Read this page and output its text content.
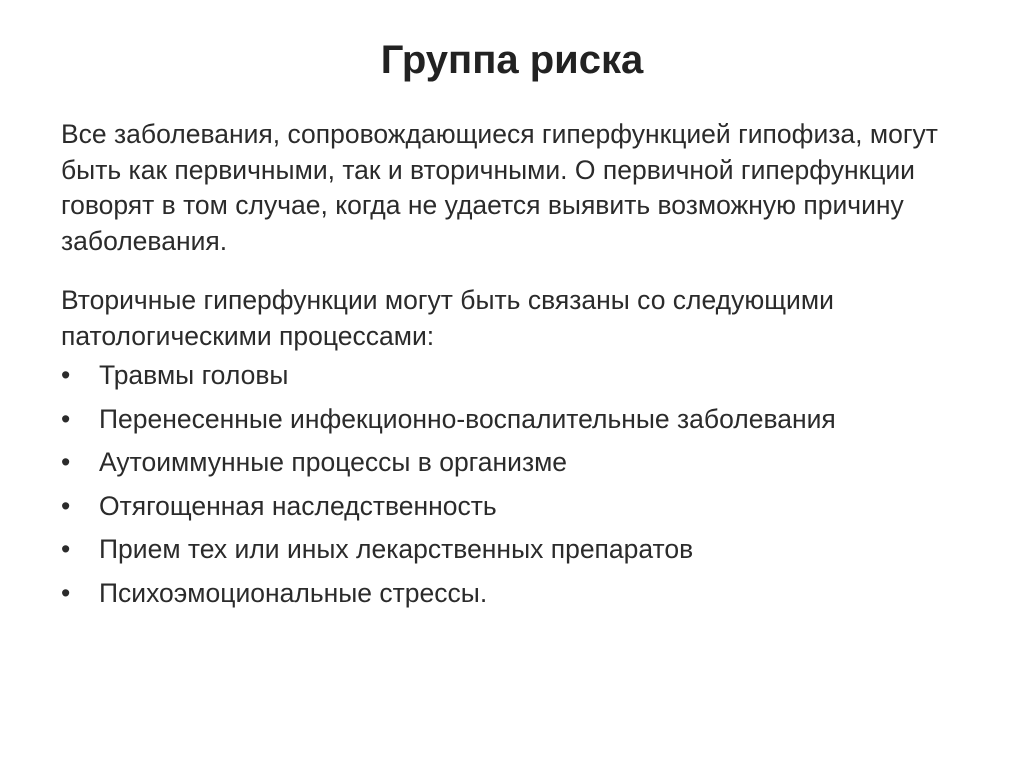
Группа риска

Все заболевания, сопровождающиеся гиперфункцией гипофиза, могут быть как первичными, так и вторичными. О первичной гиперфункции говорят в том случае, когда не удается выявить возможную причину заболевания.

Вторичные гиперфункции могут быть связаны со следующими патологическими процессами:

•	Травмы головы
•	Перенесенные инфекционно-воспалительные заболевания
•	Аутоиммунные процессы в организме
•	Отягощенная наследственность
•	Прием тех или иных лекарственных препаратов
•	Психоэмоциональные стрессы.
